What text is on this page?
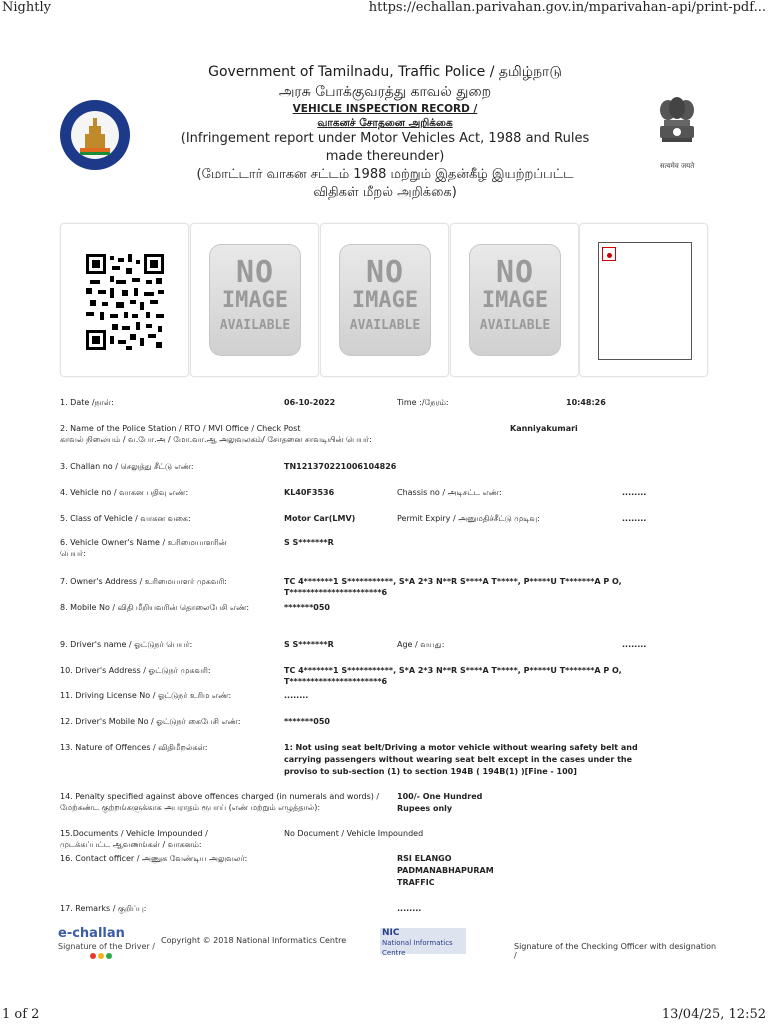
Nightly	https://echallan.parivahan.gov.in/mparivahan-api/print-pdf...
Government of Tamilnadu, Traffic Police / தமிழ்நாடு
அரசு போக்குவரத்து காவல் துறை
VEHICLE INSPECTION RECORD /
வாகனச் சோதனை அறிக்கை
(Infringement report under Motor Vehicles Act, 1988 and Rules made thereunder)
(மோட்டார் வாகன சட்டம் 1988 மற்றும் இதன்கீழ் இயற்றப்பட்ட விதிகள் மீறல் அறிக்கை)
सत्यमेव जयते
NO
IMAGE
AVAILABLE
NO
IMAGE
AVAILABLE
NO
IMAGE
AVAILABLE
1. Date /நாள்:	06-10-2022	Time :/நேரம்:	10:48:26
2. Name of the Police Station / RTO / MVI Office / Check Post
காவல் நிலையம் / வ.போ.அ / மோ.வா.ஆ அலுவலகம்/ சோதனை சாவடியின் பெயர்:
Kanniyakumari
3. Challan no / செலுத்து சீட்டு எண்:	TN121370221006104826
4. Vehicle no / வாகன பதிவு எண்:	KL40F3536	Chassis no / அடிசட்ட எண்:	........
5. Class of Vehicle / வாகன வகை:	Motor Car(LMV)	Permit Expiry / அனுமதிச்சீட்டு முடிவு:	........
6. Vehicle Owner's Name / உரிமையாளரின் பெயர்:
S S*******R
7. Owner's Address / உரிமையாளர் முகவரி:	TC 4*******1 S***********, S*A 2*3 N**R S****A T*****, P*****U T*******A P O, T**********************6
8. Mobile No / விதி மீறியவரின் தொலைபேசி எண்:	*******050
9. Driver's name / ஓட்டுநர் பெயர்:	S S*******R	Age / வயது:	........
10. Driver's Address / ஓட்டுநர் முகவரி:	TC 4*******1 S***********, S*A 2*3 N**R S****A T*****, P*****U T*******A P O, T**********************6
11. Driving License No / ஓட்டுநர் உரிம எண்:	........
12. Driver's Mobile No / ஓட்டுநர் கைபேசி எண்:	*******050
13. Nature of Offences / விதிமீறல்கள்:	1: Not using seat belt/Driving a motor vehicle without wearing safety belt and
carrying passengers without wearing seat belt except in the cases under the
proviso to sub-section (1) to section 194B ( 194B(1) )[Fine - 100]
14. Penalty specified against above offences charged (in numerals and words) /
மேற்கண்ட குற்றங்களுக்காக அபராதம் ரூபாய் (எண் மற்றும் எழுத்தால்):
100/- One Hundred
Rupees only
15.Documents / Vehicle Impounded / முடக்கப்பட்ட ஆவணங்கள் / வாகனம்:
No Document / Vehicle Impounded
16. Contact officer / அணுக வேண்டிய அலுவலர்:	RSI ELANGO
PADMANABHAPURAM
TRAFFIC
17. Remarks / குறிப்பு:	........
e-challan
Signature of the Driver /
Copyright © 2018 National Informatics Centre
NIC
National Informatics Centre
Signature of the Checking Officer with designation /
1 of 2	13/04/25, 12:52
